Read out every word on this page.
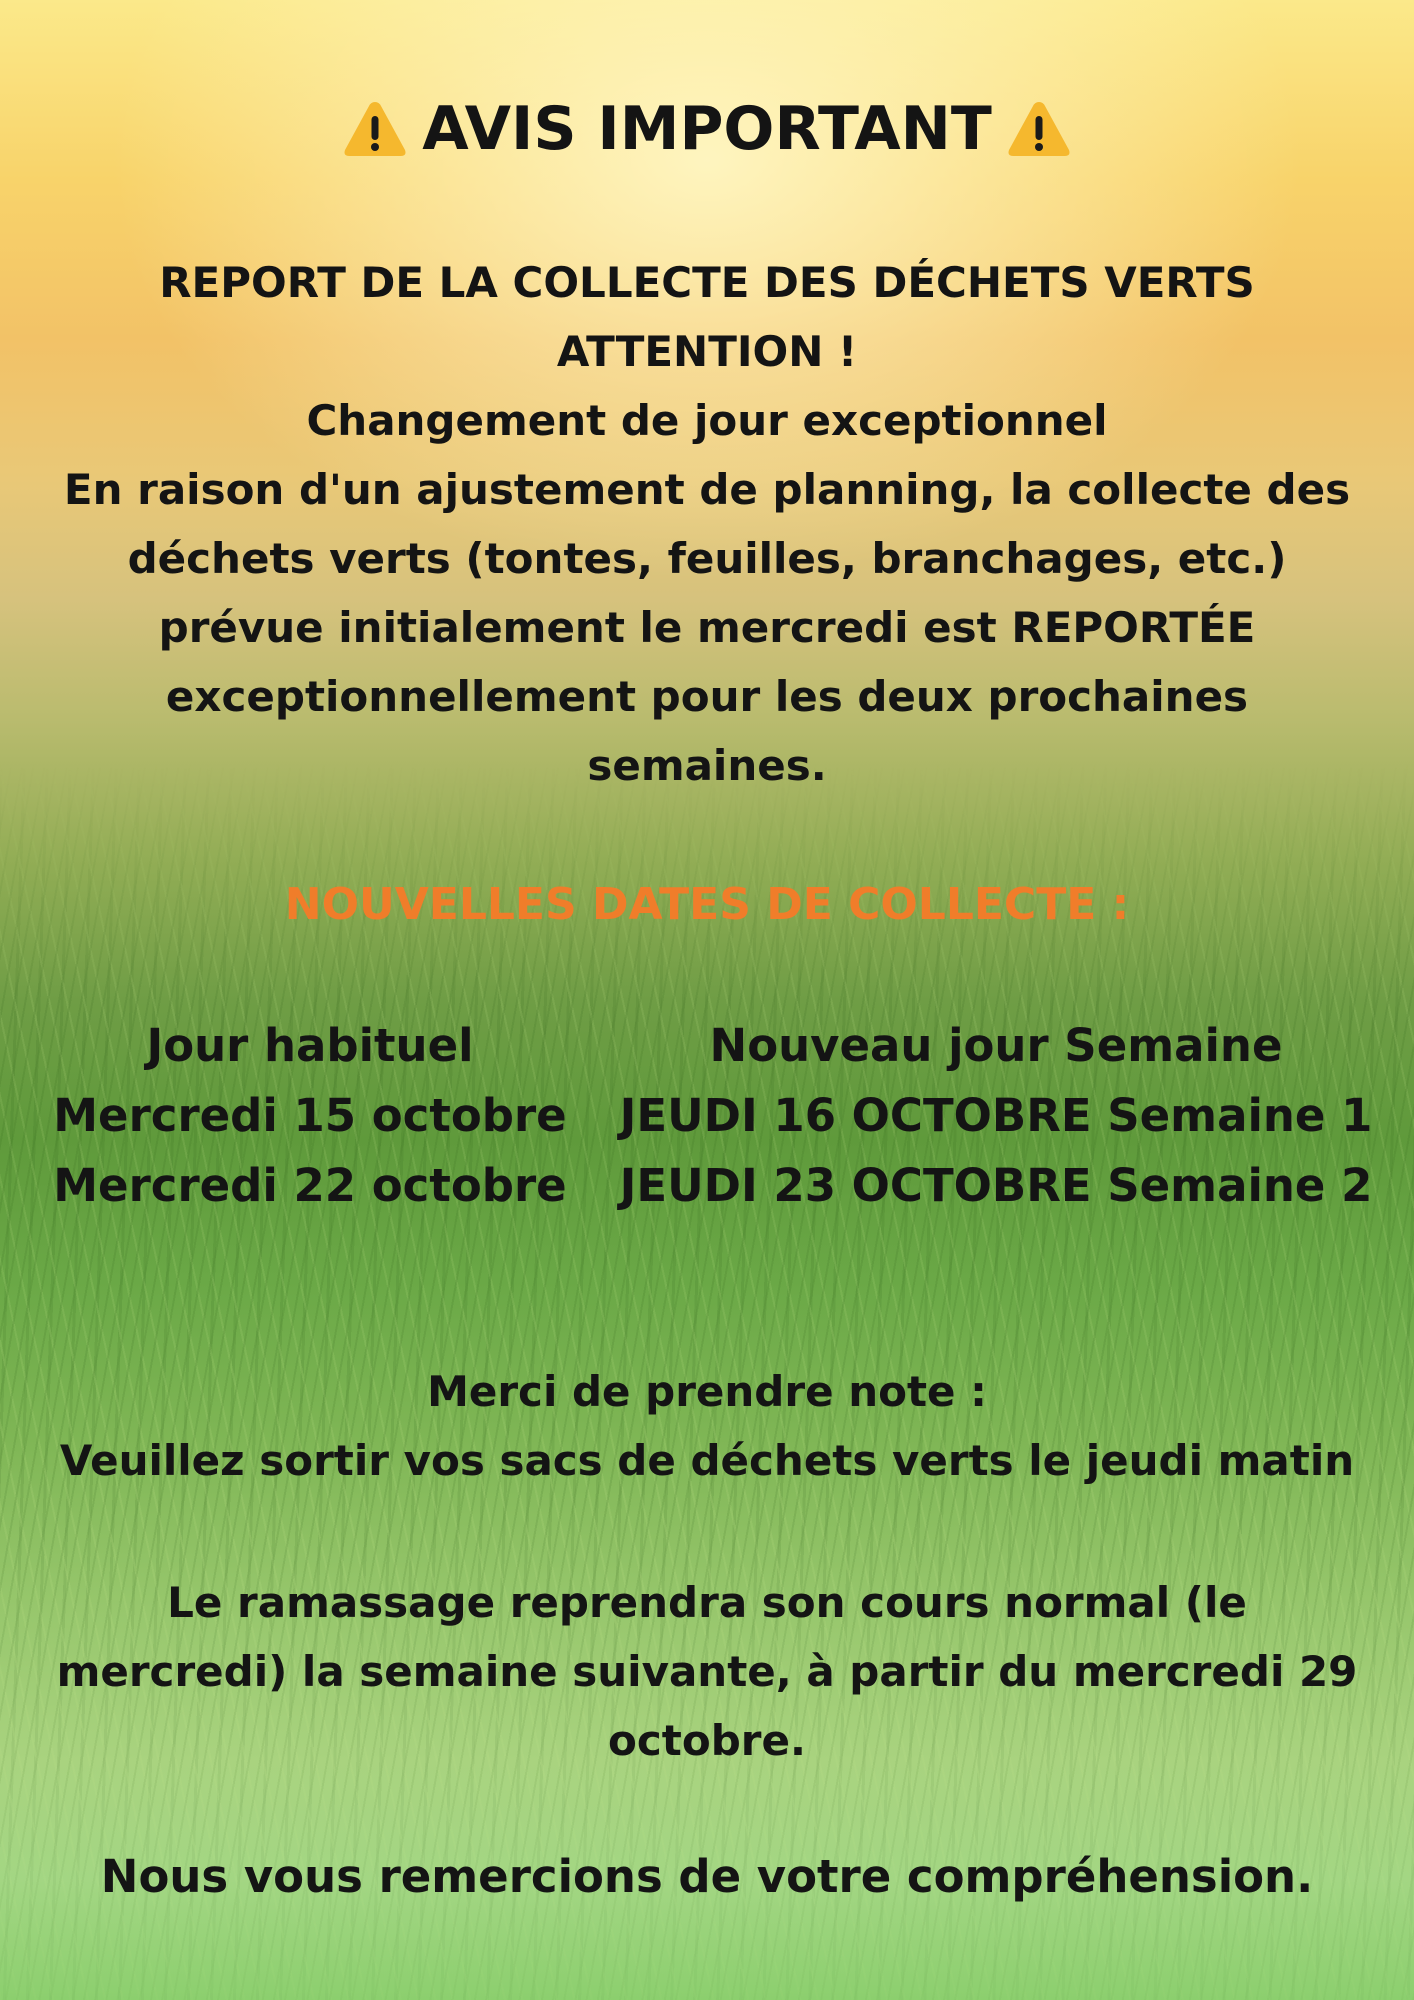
AVIS IMPORTANT
REPORT DE LA COLLECTE DES DÉCHETS VERTS
ATTENTION !
Changement de jour exceptionnel
En raison d'un ajustement de planning, la collecte des
déchets verts (tontes, feuilles, branchages, etc.)
prévue initialement le mercredi est REPORTÉE
exceptionnellement pour les deux prochaines
semaines.
NOUVELLES DATES DE COLLECTE :
Jour habituel	Nouveau jour Semaine
Mercredi 15 octobre	JEUDI 16 OCTOBRE Semaine 1
Mercredi 22 octobre	JEUDI 23 OCTOBRE Semaine 2
Merci de prendre note :
Veuillez sortir vos sacs de déchets verts le jeudi matin
Le ramassage reprendra son cours normal (le
mercredi) la semaine suivante, à partir du mercredi 29
octobre.
Nous vous remercions de votre compréhension.
